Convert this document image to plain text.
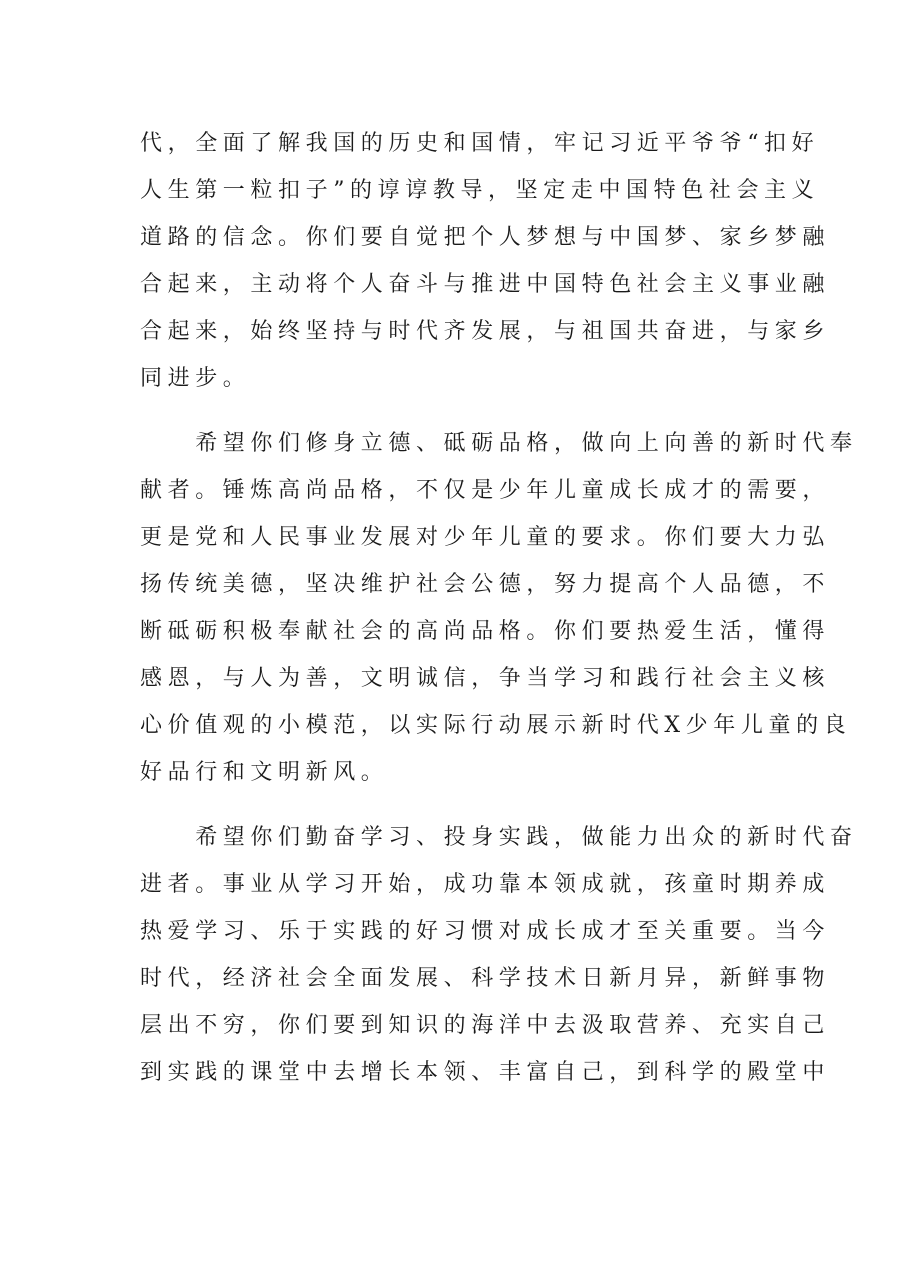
代，全面了解我国的历史和国情，牢记习近平爷爷“扣好
人生第一粒扣子”的谆谆教导，坚定走中国特色社会主义
道路的信念。你们要自觉把个人梦想与中国梦、家乡梦融
合起来，主动将个人奋斗与推进中国特色社会主义事业融
合起来，始终坚持与时代齐发展，与祖国共奋进，与家乡
同进步。

　　希望你们修身立德、砥砺品格，做向上向善的新时代奉
献者。锤炼高尚品格，不仅是少年儿童成长成才的需要，
更是党和人民事业发展对少年儿童的要求。你们要大力弘
扬传统美德，坚决维护社会公德，努力提高个人品德，不
断砥砺积极奉献社会的高尚品格。你们要热爱生活，懂得
感恩，与人为善，文明诚信，争当学习和践行社会主义核
心价值观的小模范，以实际行动展示新时代X少年儿童的良
好品行和文明新风。

　　希望你们勤奋学习、投身实践，做能力出众的新时代奋
进者。事业从学习开始，成功靠本领成就，孩童时期养成
热爱学习、乐于实践的好习惯对成长成才至关重要。当今
时代，经济社会全面发展、科学技术日新月异，新鲜事物
层出不穷，你们要到知识的海洋中去汲取营养、充实自己
到实践的课堂中去增长本领、丰富自己，到科学的殿堂中
